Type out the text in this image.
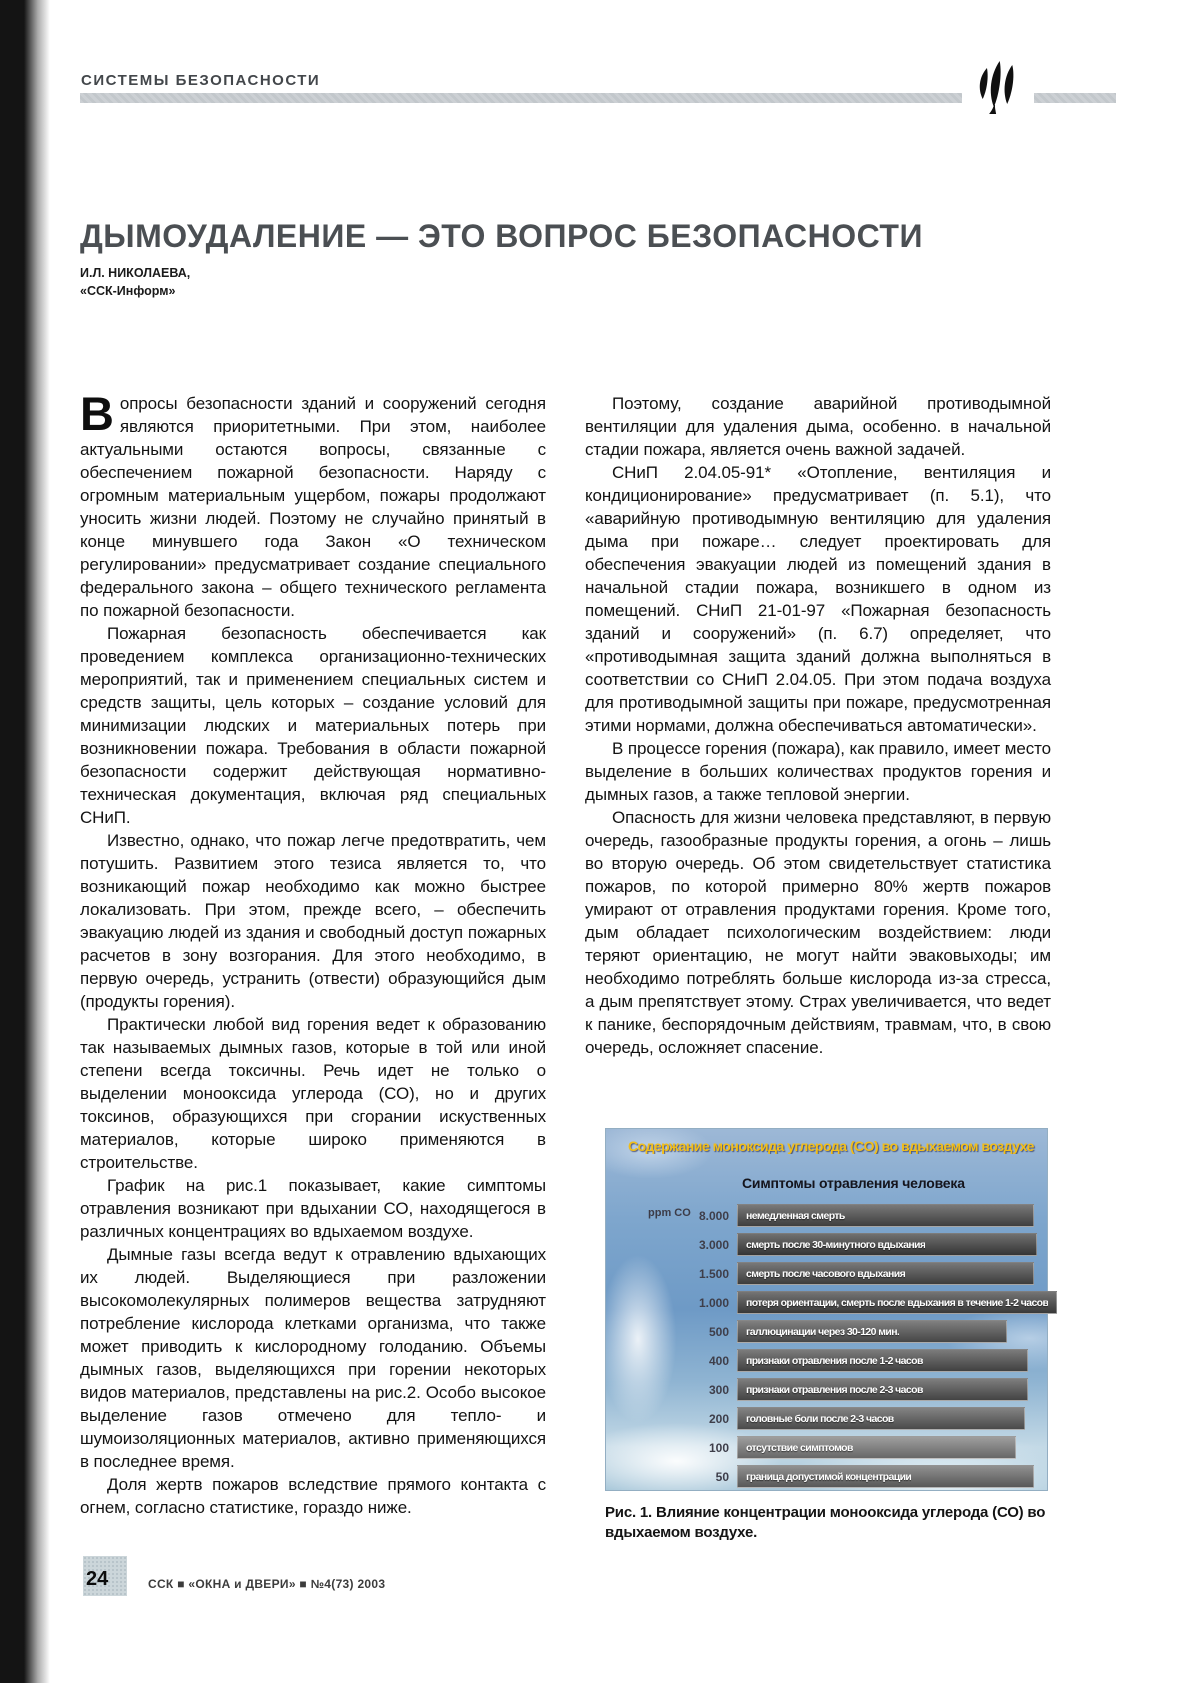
СИСТЕМЫ БЕЗОПАСНОСТИ
ДЫМОУДАЛЕНИЕ — ЭТО ВОПРОС БЕЗОПАСНОСТИ
И.Л. НИКОЛАЕВА,
«ССК-Информ»

Вопросы безопасности зданий и сооружений сегодня являются приоритетными. При этом, наиболее актуальными остаются вопросы, связанные с обеспечением пожарной безопасности. Наряду с огромным материальным ущербом, пожары продолжают уносить жизни людей. Поэтому не случайно принятый в конце минувшего года Закон «О техническом регулировании» предусматривает создание специального федерального закона – общего технического регламента по пожарной безопасности.

Пожарная безопасность обеспечивается как проведением комплекса организационно-технических мероприятий, так и применением специальных систем и средств защиты, цель которых – создание условий для минимизации людских и материальных потерь при возникновении пожара. Требования в области пожарной безопасности содержит действующая нормативно-техническая документация, включая ряд специальных СНиП.

Известно, однако, что пожар легче предотвратить, чем потушить. Развитием этого тезиса является то, что возникающий пожар необходимо как можно быстрее локализовать. При этом, прежде всего, – обеспечить эвакуацию людей из здания и свободный доступ пожарных расчетов в зону возгорания. Для этого необходимо, в первую очередь, устранить (отвести) образующийся дым (продукты горения).

Практически любой вид горения ведет к образованию так называемых дымных газов, которые в той или иной степени всегда токсичны. Речь идет не только о выделении монооксида углерода (СО), но и других токсинов, образующихся при сгорании искуственных материалов, которые широко применяются в строительстве.

График на рис.1 показывает, какие симптомы отравления возникают при вдыхании СО, находящегося в различных концентрациях во вдыхаемом воздухе.

Дымные газы всегда ведут к отравлению вдыхающих их людей. Выделяющиеся при разложении высокомолекулярных полимеров вещества затрудняют потребление кислорода клетками организма, что также может приводить к кислородному голоданию. Объемы дымных газов, выделяющихся при горении некоторых видов материалов, представлены на рис.2. Особо высокое выделение газов отмечено для тепло- и шумоизоляционных материалов, активно применяющихся в последнее время.

Доля жертв пожаров вследствие прямого контакта с огнем, согласно статистике, гораздо ниже.

Поэтому, создание аварийной противодымной вентиляции для удаления дыма, особенно. в начальной стадии пожара, является очень важной задачей.

СНиП 2.04.05-91* «Отопление, вентиляция и кондиционирование» предусматривает (п. 5.1), что «аварийную противодымную вентиляцию для удаления дыма при пожаре… следует проектировать для обеспечения эвакуации людей из помещений здания в начальной стадии пожара, возникшего в одном из помещений. СНиП 21-01-97 «Пожарная безопасность зданий и сооружений» (п. 6.7) определяет, что «противодымная защита зданий должна выполняться в соответствии со СНиП 2.04.05. При этом подача воздуха для противодымной защиты при пожаре, предусмотренная этими нормами, должна обеспечиваться автоматически».

В процессе горения (пожара), как правило, имеет место выделение в больших количествах продуктов горения и дымных газов, а также тепловой энергии.

Опасность для жизни человека представляют, в первую очередь, газообразные продукты горения, а огонь – лишь во вторую очередь. Об этом свидетельствует статистика пожаров, по которой примерно 80% жертв пожаров умирают от отравления продуктами горения. Кроме того, дым обладает психологическим воздействием: люди теряют ориентацию, не могут найти эваковыходы; им необходимо потреблять больше кислорода из-за стресса, а дым препятствует этому. Страх увеличивается, что ведет к панике, беспорядочным действиям, травмам, что, в свою очередь, осложняет спасение.

Содержание моноксида углерода (CO) во вдыхаемом воздухе
Симптомы отравления человека
ppm CO 8.000	немедленная смерть
3.000	смерть после 30-минутного вдыхания
1.500	смерть после часового вдыхания
1.000	потеря ориентации, смерть после вдыхания в течение 1-2 часов
500	галлюцинации через 30-120 мин.
400	признаки отравления после 1-2 часов
300	признаки отравления после 2-3 часов
200	головные боли после 2-3 часов
100	отсутствие симптомов
50	граница допустимой концентрации
Рис. 1. Влияние концентрации монооксида углерода (СО) во вдыхаемом воздухе.
24	ССК ■ «ОКНА и ДВЕРИ» ■ №4(73) 2003
